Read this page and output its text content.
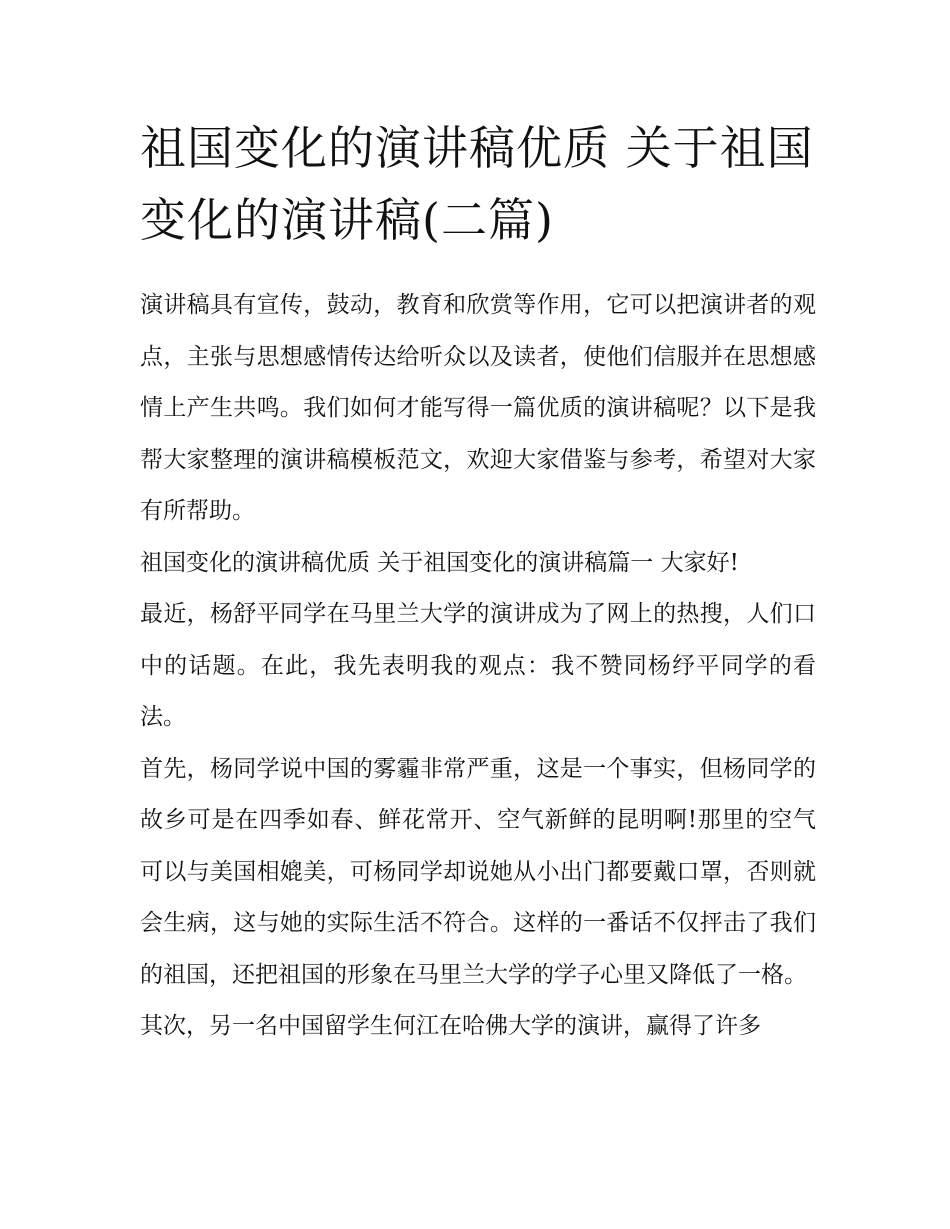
祖国变化的演讲稿优质 关于祖国变化的演讲稿(二篇)

演讲稿具有宣传，鼓动，教育和欣赏等作用，它可以把演讲者的观点，主张与思想感情传达给听众以及读者，使他们信服并在思想感情上产生共鸣。我们如何才能写得一篇优质的演讲稿呢？以下是我帮大家整理的演讲稿模板范文，欢迎大家借鉴与参考，希望对大家有所帮助。

祖国变化的演讲稿优质 关于祖国变化的演讲稿篇一 大家好!

最近，杨舒平同学在马里兰大学的演讲成为了网上的热搜，人们口中的话题。在此，我先表明我的观点：我不赞同杨纾平同学的看法。

首先，杨同学说中国的雾霾非常严重，这是一个事实，但杨同学的故乡可是在四季如春、鲜花常开、空气新鲜的昆明啊!那里的空气可以与美国相媲美，可杨同学却说她从小出门都要戴口罩，否则就会生病，这与她的实际生活不符合。这样的一番话不仅抨击了我们的祖国，还把祖国的形象在马里兰大学的学子心里又降低了一格。

其次，另一名中国留学生何江在哈佛大学的演讲，赢得了许多
